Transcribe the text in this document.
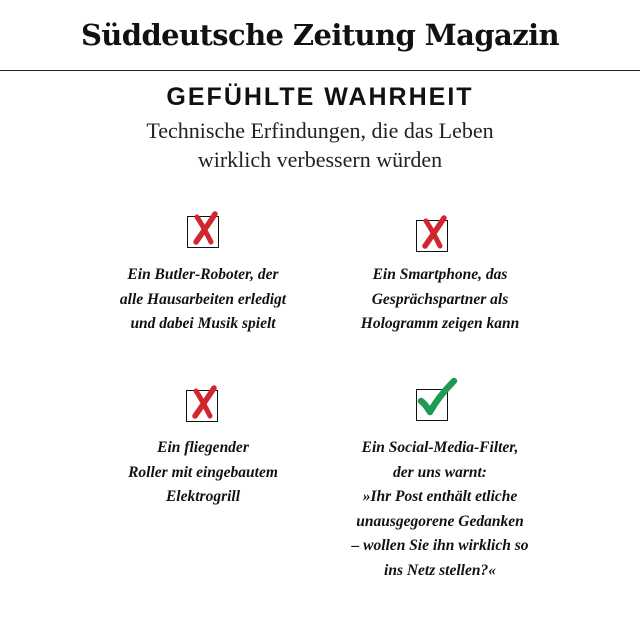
Süddeutsche Zeitung Magazin
GEFÜHLTE WAHRHEIT
Technische Erfindungen, die das Leben
wirklich verbessern würden
Ein Butler-Roboter, der
alle Hausarbeiten erledigt
und dabei Musik spielt
Ein Smartphone, das
Gesprächspartner als
Hologramm zeigen kann
Ein fliegender
Roller mit eingebautem
Elektrogrill
Ein Social-Media-Filter,
der uns warnt:
»Ihr Post enthält etliche
unausgegorene Gedanken
– wollen Sie ihn wirklich so
ins Netz stellen?«
